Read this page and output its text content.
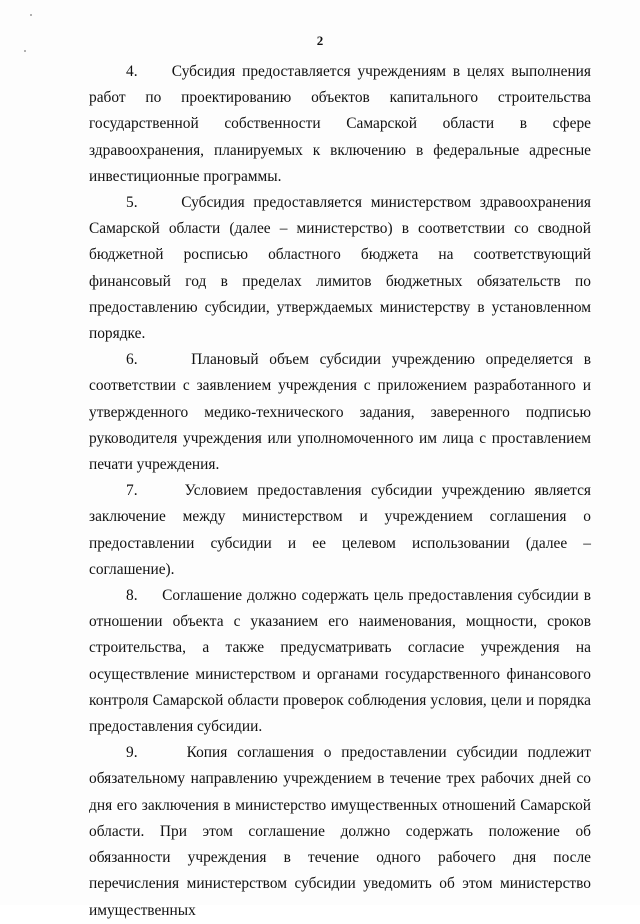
2

4.     Субсидия предоставляется учреждениям в целях выполнения работ по проектированию объектов капитального строительства государственной собственности Самарской области в сфере здравоохранения, планируемых к включению в федеральные адресные инвестиционные программы.

5.     Субсидия предоставляется министерством здравоохранения Самарской области (далее – министерство) в соответствии со сводной бюджетной росписью областного бюджета на соответствующий финансовый год в пределах лимитов бюджетных обязательств по предоставлению субсидии, утверждаемых министерству в установленном порядке.

6.     Плановый объем субсидии учреждению определяется в соответствии с заявлением учреждения с приложением разработанного и утвержденного медико-технического задания, заверенного подписью руководителя учреждения или уполномоченного им лица с проставлением печати учреждения.

7.     Условием предоставления субсидии учреждению является заключение между министерством и учреждением соглашения о предоставлении субсидии и ее целевом использовании (далее – соглашение).

8.     Соглашение должно содержать цель предоставления субсидии в отношении объекта с указанием его наименования, мощности, сроков строительства, а также предусматривать согласие учреждения на осуществление министерством и органами государственного финансового контроля Самарской области проверок соблюдения условия, цели и порядка предоставления субсидии.

9.     Копия соглашения о предоставлении субсидии подлежит обязательному направлению учреждением в течение трех рабочих дней со дня его заключения в министерство имущественных отношений Самарской области. При этом соглашение должно содержать положение об обязанности учреждения в течение одного рабочего дня после перечисления министерством субсидии уведомить об этом министерство имущественных
